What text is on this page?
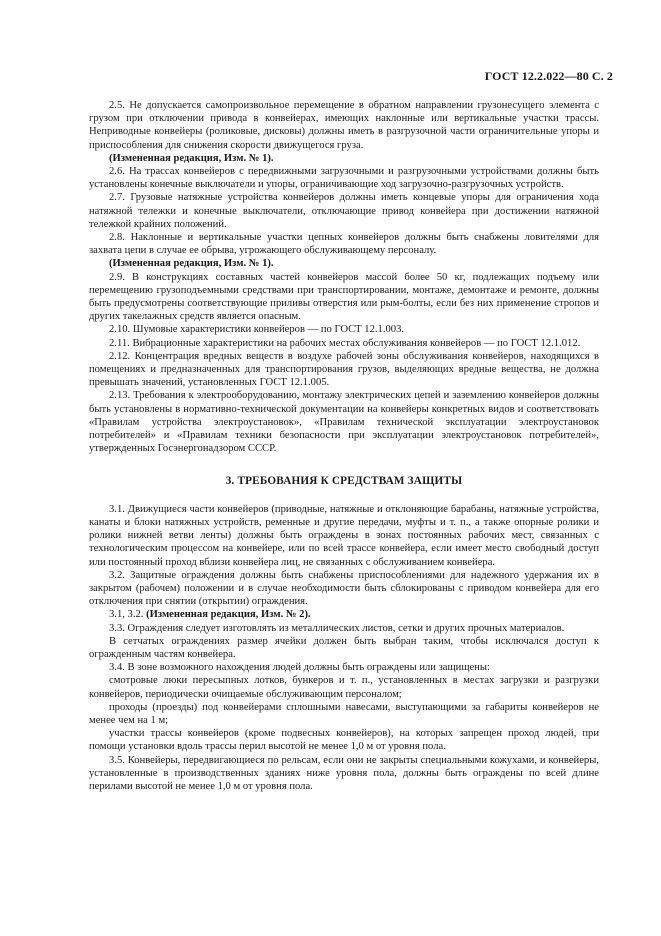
ГОСТ 12.2.022—80 С. 2

2.5. Не допускается самопроизвольное перемещение в обратном направлении грузонесущего элемента с грузом при отключении привода в конвейерах, имеющих наклонные или вертикальные участки трассы. Неприводные конвейеры (роликовые, дисковы) должны иметь в разгрузочной части ограничительные упоры и приспособления для снижения скорости движущегося груза.

(Измененная редакция, Изм. № 1).

2.6. На трассах конвейеров с передвижными загрузочными и разгрузочными устройствами должны быть установлены конечные выключатели и упоры, ограничивающие ход загрузочно-разгрузочных устройств.

2.7. Грузовые натяжные устройства конвейеров должны иметь концевые упоры для ограничения хода натяжной тележки и конечные выключатели, отключающие привод конвейера при достижении натяжной тележкой крайних положений.

2.8. Наклонные и вертикальные участки цепных конвейеров должны быть снабжены ловителями для захвата цепи в случае ее обрыва, угрожающего обслуживающему персоналу.

(Измененная редакция, Изм. № 1).

2.9. В конструкциях составных частей конвейеров массой более 50 кг, подлежащих подъему или перемещению грузоподъемными средствами при транспортировании, монтаже, демонтаже и ремонте, должны быть предусмотрены соответствующие приливы отверстия или рым-болты, если без них применение стропов и других такелажных средств является опасным.

2.10. Шумовые характеристики конвейеров — по ГОСТ 12.1.003.

2.11. Вибрационные характеристики на рабочих местах обслуживания конвейеров — по ГОСТ 12.1.012.

2.12. Концентрация вредных веществ в воздухе рабочей зоны обслуживания конвейеров, находящихся в помещениях и предназначенных для транспортирования грузов, выделяющих вредные вещества, не должна превышать значений, установленных ГОСТ 12.1.005.

2.13. Требования к электрооборудованию, монтажу электрических цепей и заземлению конвейеров должны быть установлены в нормативно-технической документации на конвейеры конкретных видов и соответствовать «Правилам устройства электроустановок», «Правилам технической эксплуатации электроустановок потребителей» и «Правилам техники безопасности при эксплуатации электроустановок потребителей», утвержденных Госэнергонадзором СССР.

3. ТРЕБОВАНИЯ К СРЕДСТВАМ ЗАЩИТЫ

3.1. Движущиеся части конвейеров (приводные, натяжные и отклоняющие барабаны, натяжные устройства, канаты и блоки натяжных устройств, ременные и другие передачи, муфты и т. п., а также опорные ролики и ролики нижней ветви ленты) должны быть ограждены в зонах постоянных рабочих мест, связанных с технологическим процессом на конвейере, или по всей трассе конвейера, если имеет место свободный доступ или постоянный проход вблизи конвейера лиц, не связанных с обслуживанием конвейера.

3.2. Защитные ограждения должны быть снабжены приспособлениями для надежного удержания их в закрытом (рабочем) положении и в случае необходимости быть сблокированы с приводом конвейера для его отключения при снятии (открытии) ограждения.

3.1, 3.2. (Измененная редакция, Изм. № 2).

3.3. Ограждения следует изготовлять из металлических листов, сетки и других прочных материалов.

В сетчатых ограждениях размер ячейки должен быть выбран таким, чтобы исключался доступ к огражденным частям конвейера.

3.4. В зоне возможного нахождения людей должны быть ограждены или защищены:

смотровые люки пересыпных лотков, бункеров и т. п., установленных в местах загрузки и разгрузки конвейеров, периодически очищаемые обслуживающим персоналом;

проходы (проезды) под конвейерами сплошными навесами, выступающими за габариты конвейеров не менее чем на 1 м;

участки трассы конвейеров (кроме подвесных конвейеров), на которых запрещен проход людей, при помощи установки вдоль трассы перил высотой не менее 1,0 м от уровня пола.

3.5. Конвейеры, передвигающиеся по рельсам, если они не закрыты специальными кожухами, и конвейеры, установленные в производственных зданиях ниже уровня пола, должны быть ограждены по всей длине перилами высотой не менее 1,0 м от уровня пола.
